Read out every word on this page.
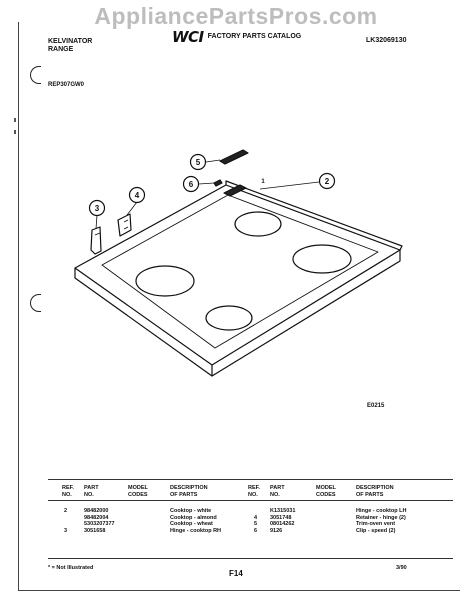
AppliancePartsPros.com
KELVINATOR
RANGE
WCI FACTORY PARTS CATALOG
LK32069130
REP307GW0
5
6	2
3
4
1
E0215
REF.
NO.
PART
NO.
MODEL
CODES
DESCRIPTION
OF PARTS
REF.
NO.
PART
NO.
MODEL
CODES
DESCRIPTION
OF PARTS
2

3
98482000
98482004
5303207377
3051658
Cooktop - white
Cooktop - almond
Cooktop - wheat
Hinge - cooktop RH

4
5
6
K1315031
3051748
08014262
9126
Hinge - cooktop LH
Retainer - hinge (2)
Trim-oven vent
Clip - speed (2)
* = Not Illustrated
F14
3/90
